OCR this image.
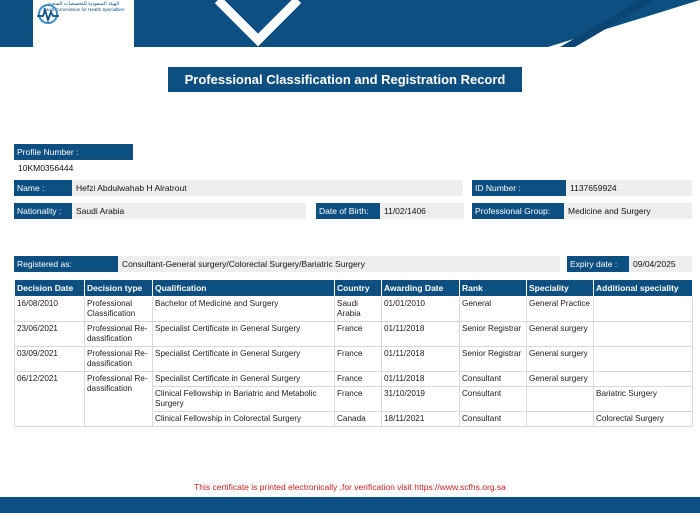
الهيئة السعودية للتخصصات الصحية
Saudi Commission for Health Specialties
Professional Classification and Registration Record
Profile Number :
10KM0356444
Name :	Hefzi Abdulwahab H Alratrout	ID Number :	1137659924
Nationality :	Saudi Arabia	Date of Birth:	11/02/1406	Professional Group:	Medicine and Surgery
Registered as:	Consultant-General surgery/Colorectal Surgery/Bariatric Surgery	Expiry date :	09/04/2025
Decision Date	Decision type	Qualification	Country	Awarding Date	Rank	Speciality	Additional speciality
16/08/2010	Professional Classification	Bachelor of Medicine and Surgery	Saudi Arabia	01/01/2010	General	General Practice	
23/06/2021	Professional Re-dassification	Specialist Certificate in General Surgery	France	01/11/2018	Senior Registrar	General surgery	
03/09/2021	Professional Re-dassification	Specialist Certificate in General Surgery	France	01/11/2018	Senior Registrar	General surgery	
06/12/2021	Professional Re-dassification	Specialist Certificate in General Surgery	France	01/11/2018	Consultant	General surgery	
		Clinical Fellowship in Bariatric and Metabolic Surgery	France	31/10/2019	Consultant		Bariatric Surgery
		Clinical Fellowship in Colorectal Surgery	Canada	18/11/2021	Consultant		Colorectal Surgery
This certificate is printed electronically ,for verification visit https://www.scfhs.org.sa
